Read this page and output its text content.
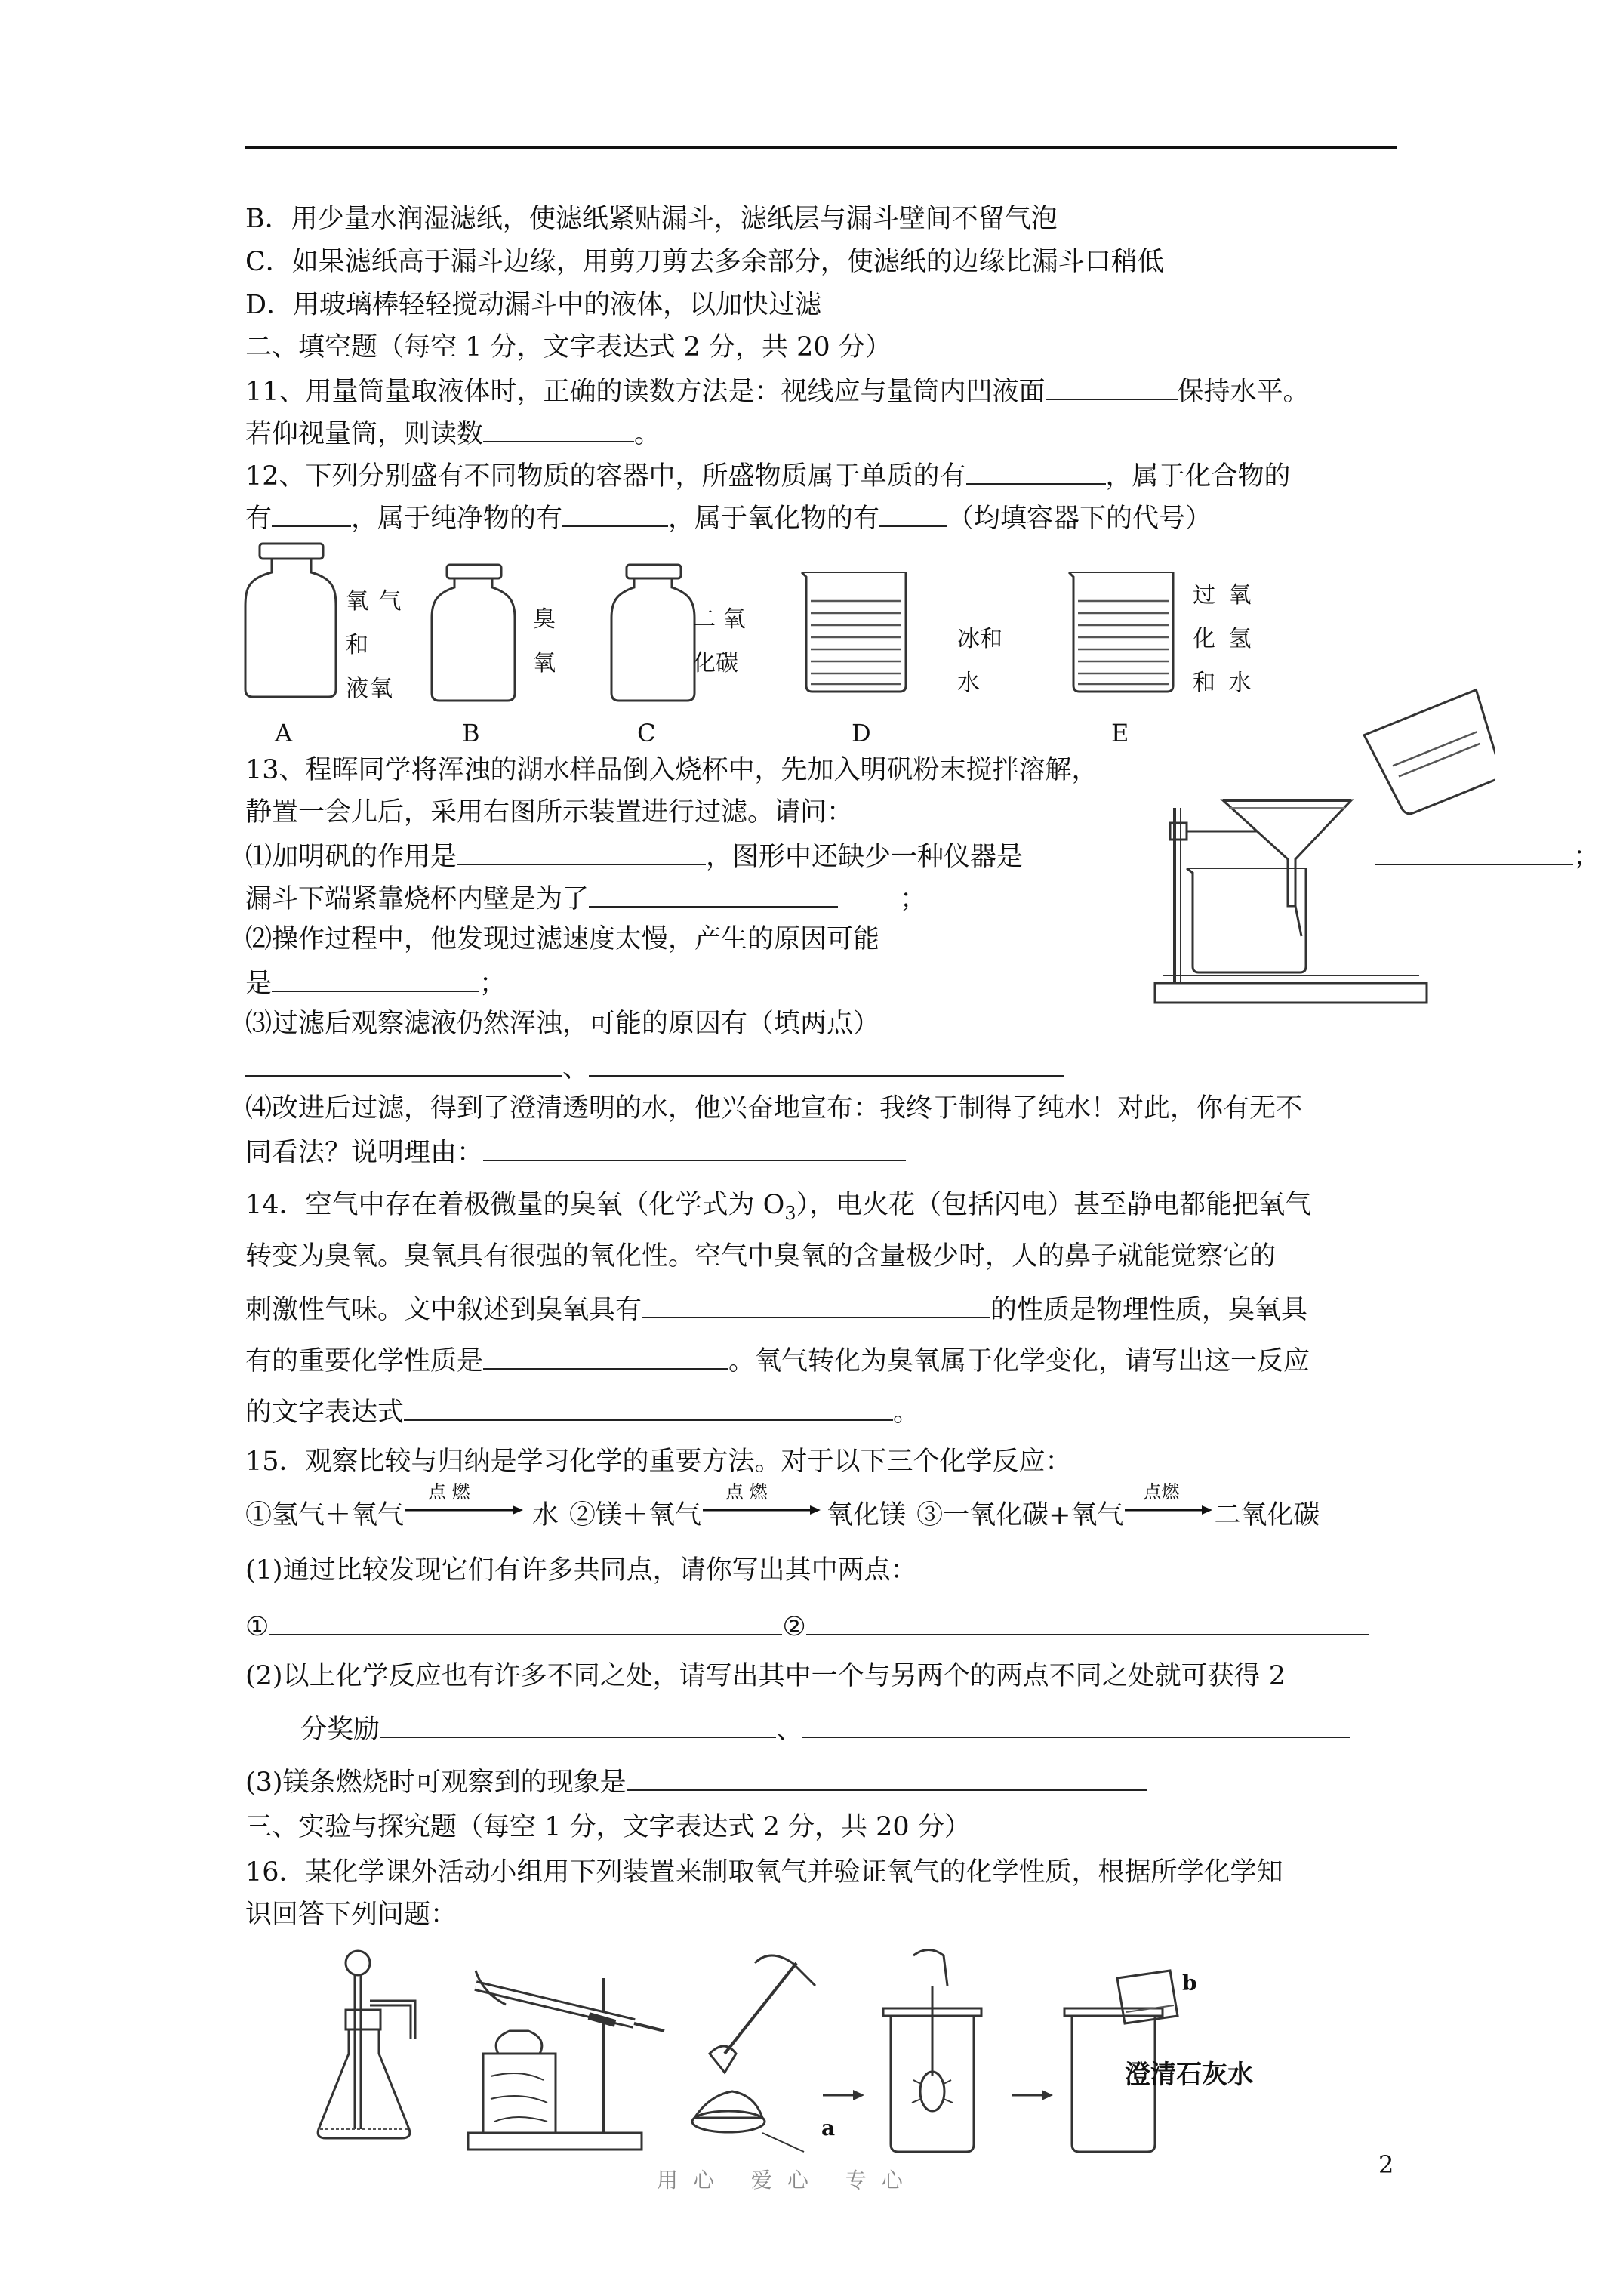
B．用少量水润湿滤纸，使滤纸紧贴漏斗，滤纸层与漏斗壁间不留气泡
C．如果滤纸高于漏斗边缘，用剪刀剪去多余部分，使滤纸的边缘比漏斗口稍低
D．用玻璃棒轻轻搅动漏斗中的液体，以加快过滤
二、填空题（每空 1 分，文字表达式 2 分，共 20 分）
11、用量筒量取液体时，正确的读数方法是：视线应与量筒内凹液面	保持水平。
若仰视量筒，则读数	。
12、下列分别盛有不同物质的容器中，所盛物质属于单质的有	，属于化合物的
有	，属于纯净物的有	，属于氧化物的有	（均填容器下的代号）
氧 气
和
液氧
臭
氧
二 氧
化碳
冰和
水
过 氧
化 氢
和 水
A	B	C	D	E
13、程晖同学将浑浊的湖水样品倒入烧杯中，先加入明矾粉末搅拌溶解，
静置一会儿后，采用右图所示装置进行过滤。请问：
⑴加明矾的作用是	，图形中还缺少一种仪器是	；
漏斗下端紧靠烧杯内壁是为了	；
⑵操作过程中，他发现过滤速度太慢，产生的原因可能
是	；
⑶过滤后观察滤液仍然浑浊，可能的原因有（填两点）
、
⑷改进后过滤，得到了澄清透明的水，他兴奋地宣布：我终于制得了纯水！对此，你有无不
同看法？说明理由：
14．空气中存在着极微量的臭氧（化学式为 $O_3$），电火花（包括闪电）甚至静电都能把氧气
转变为臭氧。臭氧具有很强的氧化性。空气中臭氧的含量极少时，人的鼻子就能觉察它的
刺激性气味。文中叙述到臭氧具有	的性质是物理性质，臭氧具
有的重要化学性质是	。氧气转化为臭氧属于化学变化，请写出这一反应
的文字表达式	。
15．观察比较与归纳是学习化学的重要方法。对于以下三个化学反应：
①氢气＋氧气
点 燃
水 ②镁＋氧气
点 燃
氧化镁 ③一氧化碳+氧气
点燃
二氧化碳
(1)通过比较发现它们有许多共同点，请你写出其中两点：
①	②
(2)以上化学反应也有许多不同之处，请写出其中一个与另两个的两点不同之处就可获得 2
分奖励	、
(3)镁条燃烧时可观察到的现象是
三、实验与探究题（每空 1 分，文字表达式 2 分，共 20 分）
16．某化学课外活动小组用下列装置来制取氧气并验证氧气的化学性质，根据所学化学知
识回答下列问题：
a
b
澄清石灰水
用心 爱心 专心
2
